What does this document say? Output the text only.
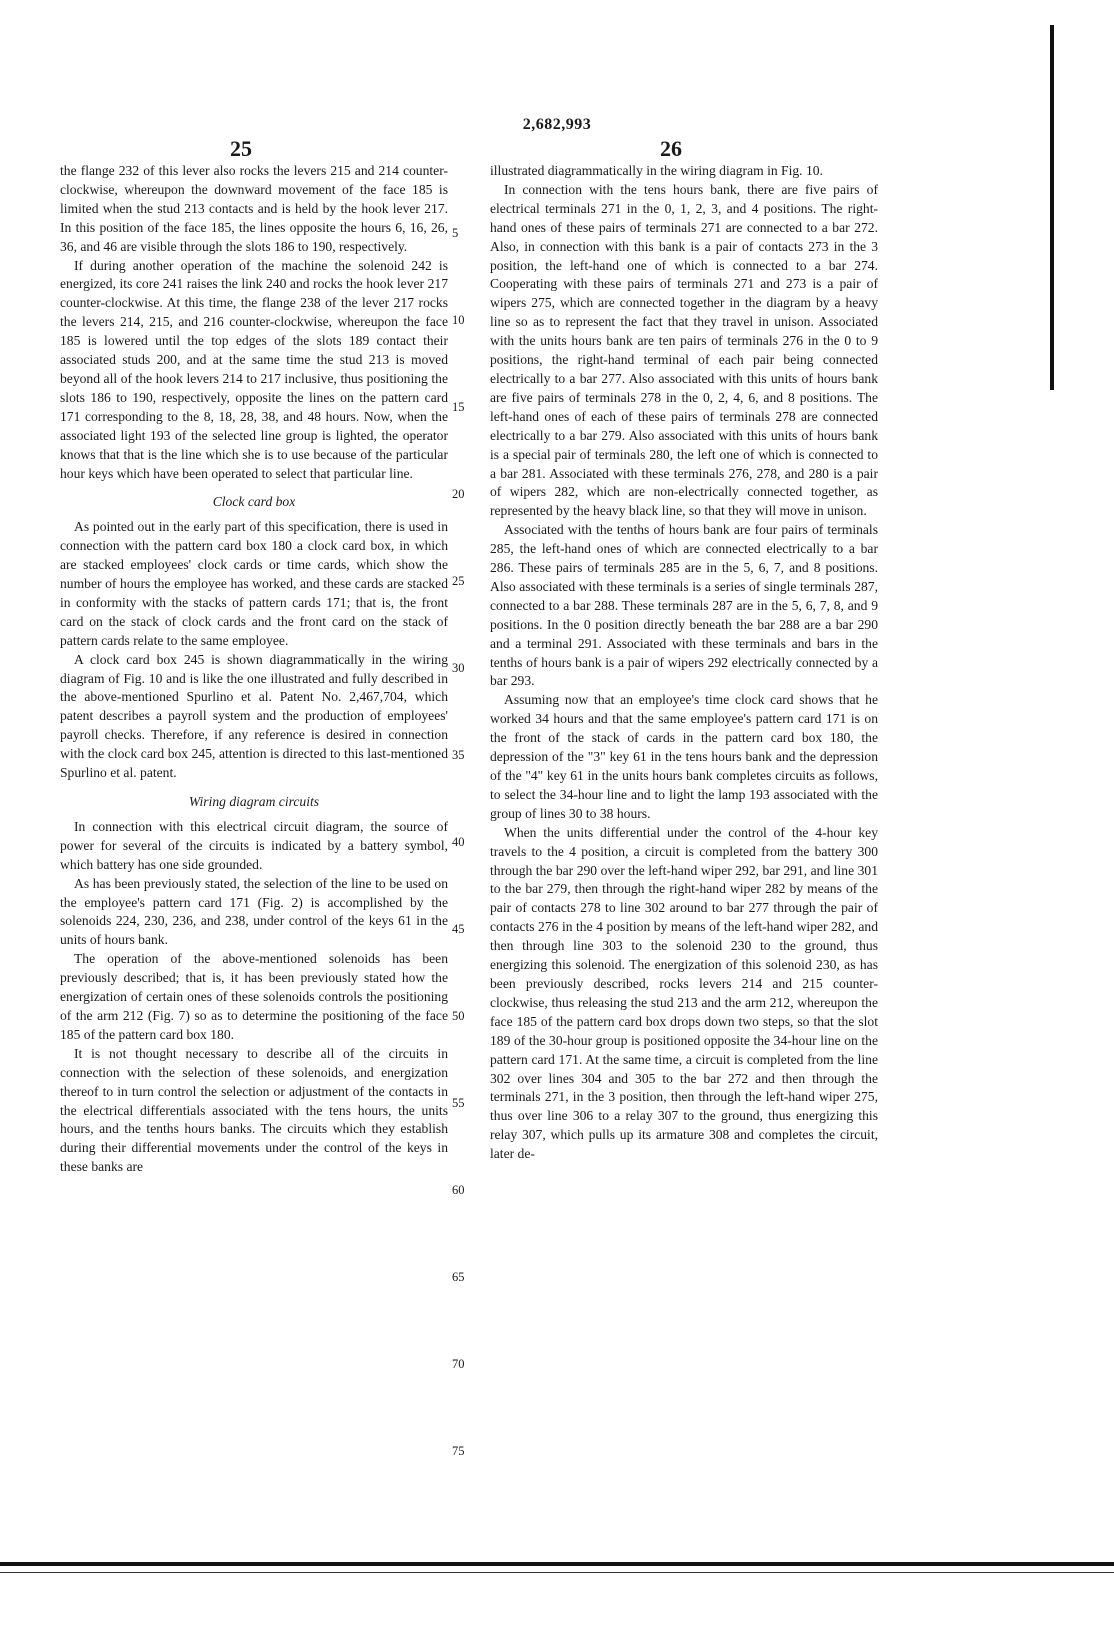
2,682,993
25	26

the flange 232 of this lever also rocks the levers 215 and 214 counter-clockwise, whereupon the downward movement of the face 185 is limited when the stud 213 contacts and is held by the hook lever 217. In this position of the face 185, the lines opposite the hours 6, 16, 26, 36, and 46 are visible through the slots 186 to 190, respectively.

If during another operation of the machine the solenoid 242 is energized, its core 241 raises the link 240 and rocks the hook lever 217 counter-clockwise. At this time, the flange 238 of the lever 217 rocks the levers 214, 215, and 216 counter-clockwise, whereupon the face 185 is lowered until the top edges of the slots 189 contact their associated studs 200, and at the same time the stud 213 is moved beyond all of the hook levers 214 to 217 inclusive, thus positioning the slots 186 to 190, respectively, opposite the lines on the pattern card 171 corresponding to the 8, 18, 28, 38, and 48 hours. Now, when the associated light 193 of the selected line group is lighted, the operator knows that that is the line which she is to use because of the particular hour keys which have been operated to select that particular line.

Clock card box

As pointed out in the early part of this specification, there is used in connection with the pattern card box 180 a clock card box, in which are stacked employees' clock cards or time cards, which show the number of hours the employee has worked, and these cards are stacked in conformity with the stacks of pattern cards 171; that is, the front card on the stack of clock cards and the front card on the stack of pattern cards relate to the same employee.

A clock card box 245 is shown diagrammatically in the wiring diagram of Fig. 10 and is like the one illustrated and fully described in the above-mentioned Spurlino et al. Patent No. 2,467,704, which patent describes a payroll system and the production of employees' payroll checks. Therefore, if any reference is desired in connection with the clock card box 245, attention is directed to this last-mentioned Spurlino et al. patent.

Wiring diagram circuits

In connection with this electrical circuit diagram, the source of power for several of the circuits is indicated by a battery symbol, which battery has one side grounded.

As has been previously stated, the selection of the line to be used on the employee's pattern card 171 (Fig. 2) is accomplished by the solenoids 224, 230, 236, and 238, under control of the keys 61 in the units of hours bank.

The operation of the above-mentioned solenoids has been previously described; that is, it has been previously stated how the energization of certain ones of these solenoids controls the positioning of the arm 212 (Fig. 7) so as to determine the positioning of the face 185 of the pattern card box 180.

It is not thought necessary to describe all of the circuits in connection with the selection of these solenoids, and energization thereof to in turn control the selection or adjustment of the contacts in the electrical differentials associated with the tens hours, the units hours, and the tenths hours banks. The circuits which they establish during their differential movements under the control of the keys in these banks are

illustrated diagrammatically in the wiring diagram in Fig. 10.

In connection with the tens hours bank, there are five pairs of electrical terminals 271 in the 0, 1, 2, 3, and 4 positions. The right-hand ones of these pairs of terminals 271 are connected to a bar 272. Also, in connection with this bank is a pair of contacts 273 in the 3 position, the left-hand one of which is connected to a bar 274. Cooperating with these pairs of terminals 271 and 273 is a pair of wipers 275, which are connected together in the diagram by a heavy line so as to represent the fact that they travel in unison. Associated with the units hours bank are ten pairs of terminals 276 in the 0 to 9 positions, the right-hand terminal of each pair being connected electrically to a bar 277. Also associated with this units of hours bank are five pairs of terminals 278 in the 0, 2, 4, 6, and 8 positions. The left-hand ones of each of these pairs of terminals 278 are connected electrically to a bar 279. Also associated with this units of hours bank is a special pair of terminals 280, the left one of which is connected to a bar 281. Associated with these terminals 276, 278, and 280 is a pair of wipers 282, which are non-electrically connected together, as represented by the heavy black line, so that they will move in unison.

Associated with the tenths of hours bank are four pairs of terminals 285, the left-hand ones of which are connected electrically to a bar 286. These pairs of terminals 285 are in the 5, 6, 7, and 8 positions. Also associated with these terminals is a series of single terminals 287, connected to a bar 288. These terminals 287 are in the 5, 6, 7, 8, and 9 positions. In the 0 position directly beneath the bar 288 are a bar 290 and a terminal 291. Associated with these terminals and bars in the tenths of hours bank is a pair of wipers 292 electrically connected by a bar 293.

Assuming now that an employee's time clock card shows that he worked 34 hours and that the same employee's pattern card 171 is on the front of the stack of cards in the pattern card box 180, the depression of the "3" key 61 in the tens hours bank and the depression of the "4" key 61 in the units hours bank completes circuits as follows, to select the 34-hour line and to light the lamp 193 associated with the group of lines 30 to 38 hours.

When the units differential under the control of the 4-hour key travels to the 4 position, a circuit is completed from the battery 300 through the bar 290 over the left-hand wiper 292, bar 291, and line 301 to the bar 279, then through the right-hand wiper 282 by means of the pair of contacts 278 to line 302 around to bar 277 through the pair of contacts 276 in the 4 position by means of the left-hand wiper 282, and then through line 303 to the solenoid 230 to the ground, thus energizing this solenoid. The energization of this solenoid 230, as has been previously described, rocks levers 214 and 215 counter-clockwise, thus releasing the stud 213 and the arm 212, whereupon the face 185 of the pattern card box drops down two steps, so that the slot 189 of the 30-hour group is positioned opposite the 34-hour line on the pattern card 171. At the same time, a circuit is completed from the line 302 over lines 304 and 305 to the bar 272 and then through the terminals 271, in the 3 position, then through the left-hand wiper 275, thus over line 306 to a relay 307 to the ground, thus energizing this relay 307, which pulls up its armature 308 and completes the circuit, later de-

5
10
15
20
25
30
35
40
45
50
55
60
65
70
75
